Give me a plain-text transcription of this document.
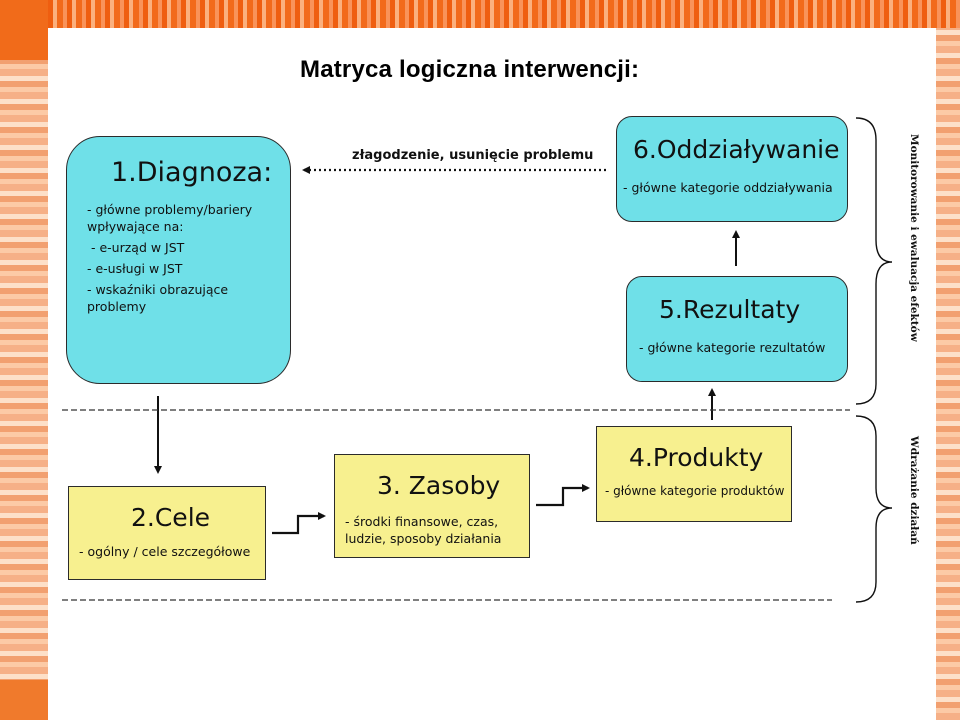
Matryca logiczna interwencji:
złagodzenie, usunięcie problemu
1.Diagnoza:
- główne problemy/bariery wpływające na:
- e-urząd w JST
- e-usługi w JST
- wskaźniki obrazujące problemy
6.Oddziaływanie
- główne kategorie oddziaływania
5.Rezultaty
- główne kategorie rezultatów
4.Produkty
- główne kategorie produktów
3. Zasoby
- środki finansowe, czas, ludzie, sposoby działania
2.Cele
- ogólny / cele szczegółowe
Monitorowanie i ewaluacja efektów
Wdrażanie działań
